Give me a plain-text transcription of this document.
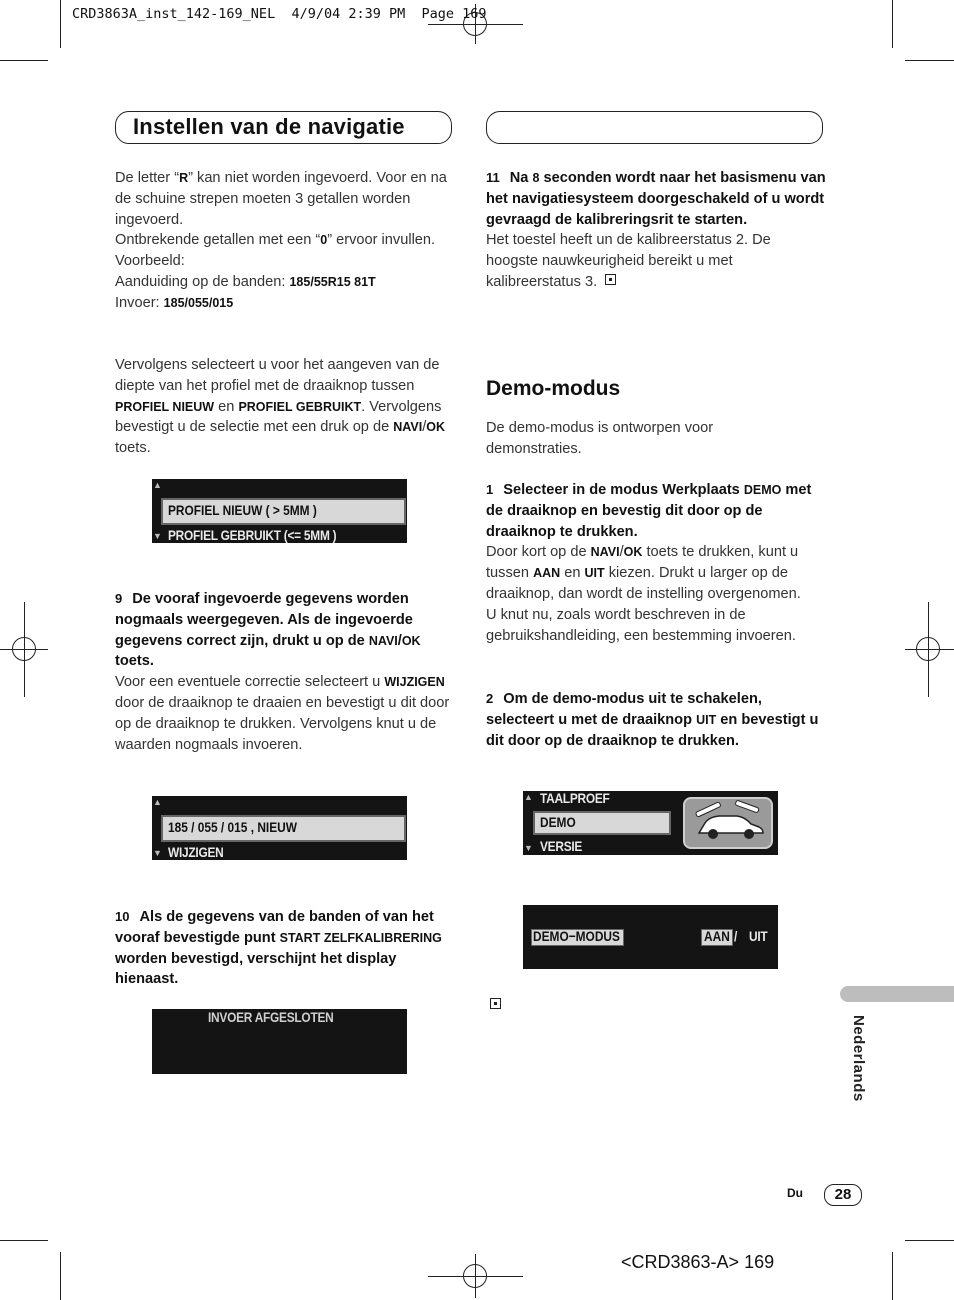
CRD3863A_inst_142-169_NEL  4/9/04 2:39 PM  Page 169
Instellen van de navigatie
De letter “R” kan niet worden ingevoerd. Voor en na de schuine strepen moeten 3 getallen worden ingevoerd.
Ontbrekende getallen met een “0” ervoor invullen.
Voorbeeld:
Aanduiding op de banden: 185/55R15 81T
Invoer: 185/055/015
Vervolgens selecteert u voor het aangeven van de diepte van het profiel met de draaiknop tussen PROFIEL NIEUW en PROFIEL GEBRUIKT. Vervolgens bevestigt u de selectie met een druk op de NAVI/OK toets.
▲
PROFIEL NIEUW ( > 5MM )
▼ PROFIEL GEBRUIKT (<= 5MM )
9 De vooraf ingevoerde gegevens worden nogmaals weergegeven. Als de ingevoerde gegevens correct zijn, drukt u op de NAVI/OK toets.
Voor een eventuele correctie selecteert u WIJZIGEN door de draaiknop te draaien en bevestigt u dit door op de draaiknop te drukken. Vervolgens knut u de waarden nogmaals invoeren.
▲
185 / 055 / 015 , NIEUW
▼ WIJZIGEN
10 Als de gegevens van de banden of van het vooraf bevestigde punt START ZELFKALIBRERING worden bevestigd, verschijnt het display hienaast.
INVOER AFGESLOTEN
11 Na 8 seconden wordt naar het basismenu van het navigatiesysteem doorgeschakeld of u wordt gevraagd de kalibreringsrit te starten.
Het toestel heeft un de kalibreerstatus 2. De hoogste nauwkeurigheid bereikt u met kalibreerstatus 3.
Demo-modus
De demo-modus is ontworpen voor demonstraties.
1 Selecteer in de modus Werkplaats DEMO met de draaiknop en bevestig dit door op de draaiknop te drukken.
Door kort op de NAVI/OK toets te drukken, kunt u tussen AAN en UIT kiezen. Drukt u larger op de draaiknop, dan wordt de instelling overgenomen.
U knut nu, zoals wordt beschreven in de gebruikshandleiding, een bestemming invoeren.
2 Om de demo-modus uit te schakelen, selecteert u met de draaiknop UIT en bevestigt u dit door op de draaiknop te drukken.
▲ TAALPROEF
DEMO
▼ VERSIE
DEMO−MODUS	AAN / UIT
Nederlands
Du	28
<CRD3863-A> 169
